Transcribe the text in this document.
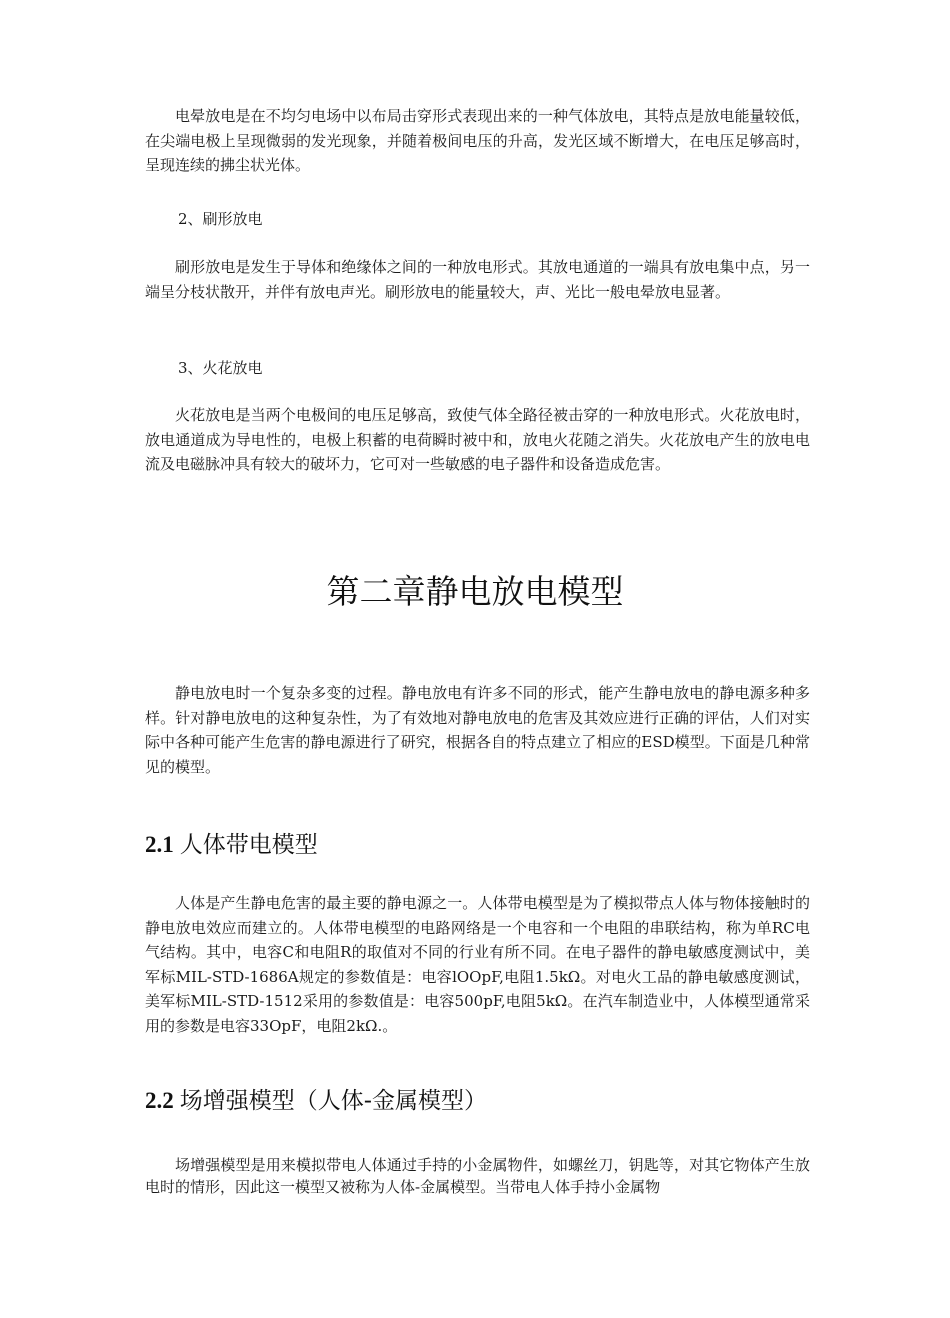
电晕放电是在不均匀电场中以布局击穿形式表现出来的一种气体放电，其特点是放电能量较低，在尖端电极上呈现微弱的发光现象，并随着极间电压的升高，发光区域不断增大，在电压足够高时，呈现连续的拂尘状光体。

2、刷形放电

刷形放电是发生于导体和绝缘体之间的一种放电形式。其放电通道的一端具有放电集中点，另一端呈分枝状散开，并伴有放电声光。刷形放电的能量较大，声、光比一般电晕放电显著。

3、火花放电

火花放电是当两个电极间的电压足够高，致使气体全路径被击穿的一种放电形式。火花放电时，放电通道成为导电性的，电极上积蓄的电荷瞬时被中和，放电火花随之消失。火花放电产生的放电电流及电磁脉冲具有较大的破坏力，它可对一些敏感的电子器件和设备造成危害。

第二章静电放电模型

静电放电时一个复杂多变的过程。静电放电有许多不同的形式，能产生静电放电的静电源多种多样。针对静电放电的这种复杂性，为了有效地对静电放电的危害及其效应进行正确的评估，人们对实际中各种可能产生危害的静电源进行了研究，根据各自的特点建立了相应的ESD模型。下面是几种常见的模型。

2.1 人体带电模型

人体是产生静电危害的最主要的静电源之一。人体带电模型是为了模拟带点人体与物体接触时的静电放电效应而建立的。人体带电模型的电路网络是一个电容和一个电阻的串联结构，称为单RC电气结构。其中，电容C和电阻R的取值对不同的行业有所不同。在电子器件的静电敏感度测试中，美军标MIL-STD-1686A规定的参数值是：电容lOOpF,电阻1.5kΩ。对电火工品的静电敏感度测试，美军标MIL-STD-1512采用的参数值是：电容500pF,电阻5kΩ。在汽车制造业中，人体模型通常采用的参数是电容33OpF，电阻2kΩ.。

2.2 场增强模型（人体-金属模型）

场增强模型是用来模拟带电人体通过手持的小金属物件，如螺丝刀，钥匙等，对其它物体产生放电时的情形，因此这一模型又被称为人体-金属模型。当带电人体手持小金属物
